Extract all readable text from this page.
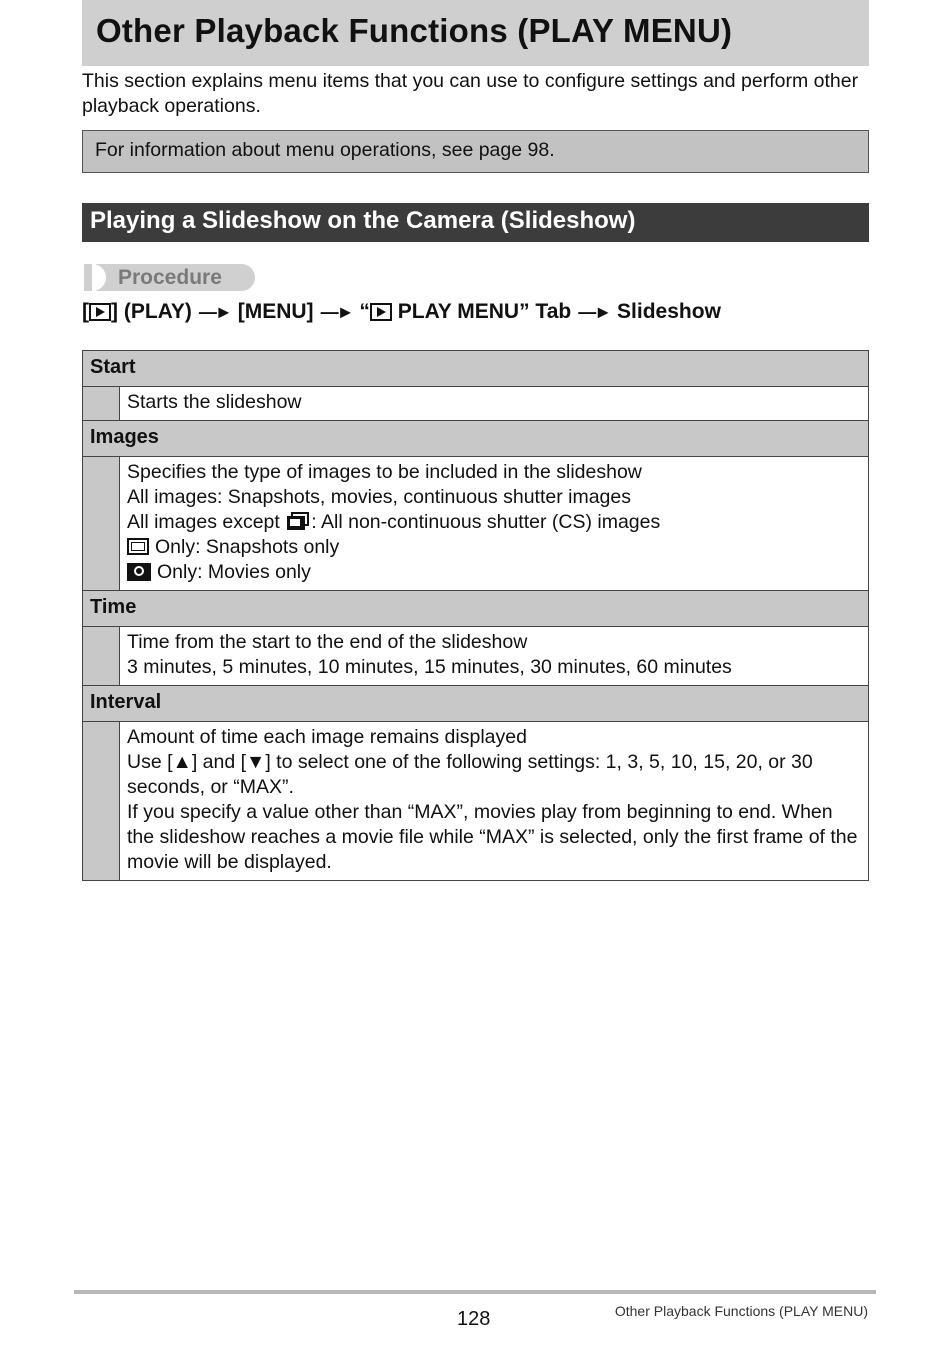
Other Playback Functions (PLAY MENU)

This section explains menu items that you can use to configure settings and perform other playback operations.

For information about menu operations, see page 98.
Playing a Slideshow on the Camera (Slideshow)
Procedure
[ ] (PLAY) —► [MENU] —► “ PLAY MENU” Tab —► Slideshow
Start
Starts the slideshow
Images
Specifies the type of images to be included in the slideshow
All images: Snapshots, movies, continuous shutter images
All images except : All non-continuous shutter (CS) images
Only: Snapshots only
Only: Movies only
Time
Time from the start to the end of the slideshow
3 minutes, 5 minutes, 10 minutes, 15 minutes, 30 minutes, 60 minutes
Interval
Amount of time each image remains displayed
Use [▲] and [▼] to select one of the following settings: 1, 3, 5, 10, 15, 20, or 30 seconds, or “MAX”.
If you specify a value other than “MAX”, movies play from beginning to end. When the slideshow reaches a movie file while “MAX” is selected, only the first frame of the movie will be displayed.
128	Other Playback Functions (PLAY MENU)
